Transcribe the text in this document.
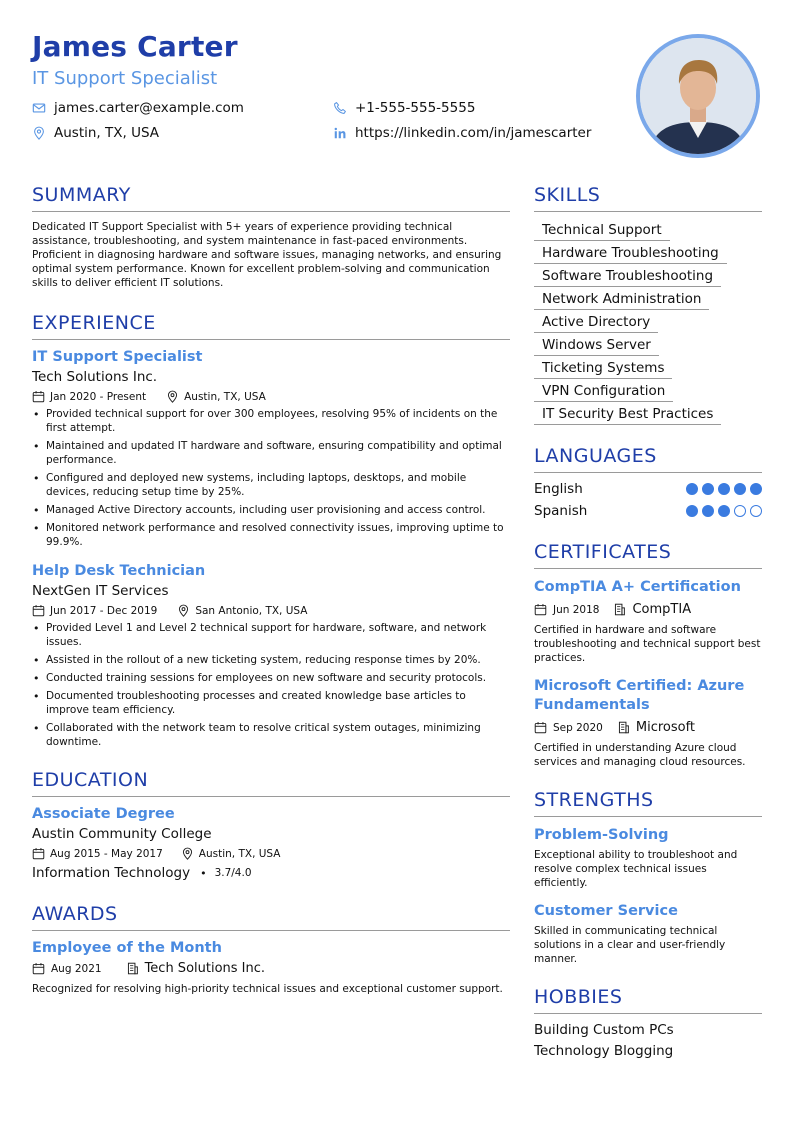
James Carter
IT Support Specialist
james.carter@example.com	+1-555-555-5555
Austin, TX, USA	https://linkedin.com/in/jamescarter
SUMMARY
Dedicated IT Support Specialist with 5+ years of experience providing technical assistance, troubleshooting, and system maintenance in fast-paced environments. Proficient in diagnosing hardware and software issues, managing networks, and ensuring optimal system performance. Known for excellent problem-solving and communication skills to deliver efficient IT solutions.
EXPERIENCE
IT Support Specialist
Tech Solutions Inc.
Jan 2020 - Present	Austin, TX, USA
• Provided technical support for over 300 employees, resolving 95% of incidents on the first attempt.
• Maintained and updated IT hardware and software, ensuring compatibility and optimal performance.
• Configured and deployed new systems, including laptops, desktops, and mobile devices, reducing setup time by 25%.
• Managed Active Directory accounts, including user provisioning and access control.
• Monitored network performance and resolved connectivity issues, improving uptime to 99.9%.
Help Desk Technician
NextGen IT Services
Jun 2017 - Dec 2019	San Antonio, TX, USA
• Provided Level 1 and Level 2 technical support for hardware, software, and network issues.
• Assisted in the rollout of a new ticketing system, reducing response times by 20%.
• Conducted training sessions for employees on new software and security protocols.
• Documented troubleshooting processes and created knowledge base articles to improve team efficiency.
• Collaborated with the network team to resolve critical system outages, minimizing downtime.
EDUCATION
Associate Degree
Austin Community College
Aug 2015 - May 2017	Austin, TX, USA
Information Technology • 3.7/4.0
AWARDS
Employee of the Month
Aug 2021	Tech Solutions Inc.
Recognized for resolving high-priority technical issues and exceptional customer support.
SKILLS
Technical Support
Hardware Troubleshooting
Software Troubleshooting
Network Administration
Active Directory
Windows Server
Ticketing Systems
VPN Configuration
IT Security Best Practices
LANGUAGES
English
Spanish
CERTIFICATES
CompTIA A+ Certification
Jun 2018	CompTIA
Certified in hardware and software troubleshooting and technical support best practices.
Microsoft Certified: Azure Fundamentals
Sep 2020	Microsoft
Certified in understanding Azure cloud services and managing cloud resources.
STRENGTHS
Problem-Solving
Exceptional ability to troubleshoot and resolve complex technical issues efficiently.
Customer Service
Skilled in communicating technical solutions in a clear and user-friendly manner.
HOBBIES
Building Custom PCs
Technology Blogging
